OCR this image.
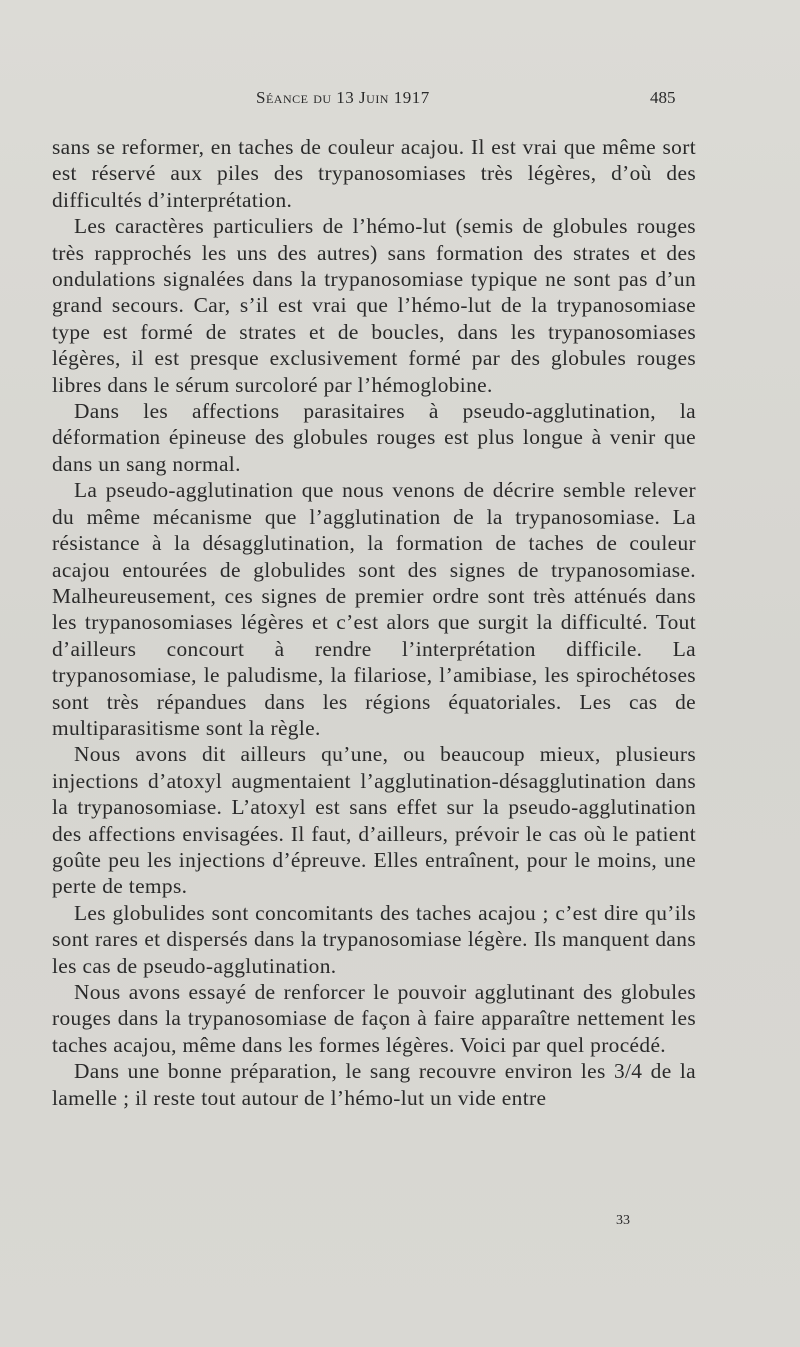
Séance du 13 Juin 1917	485

sans se reformer, en taches de couleur acajou. Il est vrai que même sort est réservé aux piles des trypanosomiases très légères, d’où des difficultés d’interprétation.

Les caractères particuliers de l’hémo-lut (semis de globules rouges très rapprochés les uns des autres) sans formation des strates et des ondulations signalées dans la trypanosomiase typique ne sont pas d’un grand secours. Car, s’il est vrai que l’hémo-lut de la trypanosomiase type est formé de strates et de boucles, dans les trypanosomiases légères, il est presque exclusivement formé par des globules rouges libres dans le sérum surcoloré par l’hémoglobine.

Dans les affections parasitaires à pseudo-agglutination, la déformation épineuse des globules rouges est plus longue à venir que dans un sang normal.

La pseudo-agglutination que nous venons de décrire semble relever du même mécanisme que l’agglutination de la trypanosomiase. La résistance à la désagglutination, la formation de taches de couleur acajou entourées de globulides sont des signes de trypanosomiase. Malheureusement, ces signes de premier ordre sont très atténués dans les trypanosomiases légères et c’est alors que surgit la difficulté. Tout d’ailleurs concourt à rendre l’interprétation difficile. La trypanosomiase, le paludisme, la filariose, l’amibiase, les spirochétoses sont très répandues dans les régions équatoriales. Les cas de multiparasitisme sont la règle.

Nous avons dit ailleurs qu’une, ou beaucoup mieux, plusieurs injections d’atoxyl augmentaient l’agglutination-désagglutination dans la trypanosomiase. L’atoxyl est sans effet sur la pseudo-agglutination des affections envisagées. Il faut, d’ailleurs, prévoir le cas où le patient goûte peu les injections d’épreuve. Elles entraînent, pour le moins, une perte de temps.

Les globulides sont concomitants des taches acajou ; c’est dire qu’ils sont rares et dispersés dans la trypanosomiase légère. Ils manquent dans les cas de pseudo-agglutination.

Nous avons essayé de renforcer le pouvoir agglutinant des globules rouges dans la trypanosomiase de façon à faire apparaître nettement les taches acajou, même dans les formes légères. Voici par quel procédé.

Dans une bonne préparation, le sang recouvre environ les 3/4 de la lamelle ; il reste tout autour de l’hémo-lut un vide entre

33
